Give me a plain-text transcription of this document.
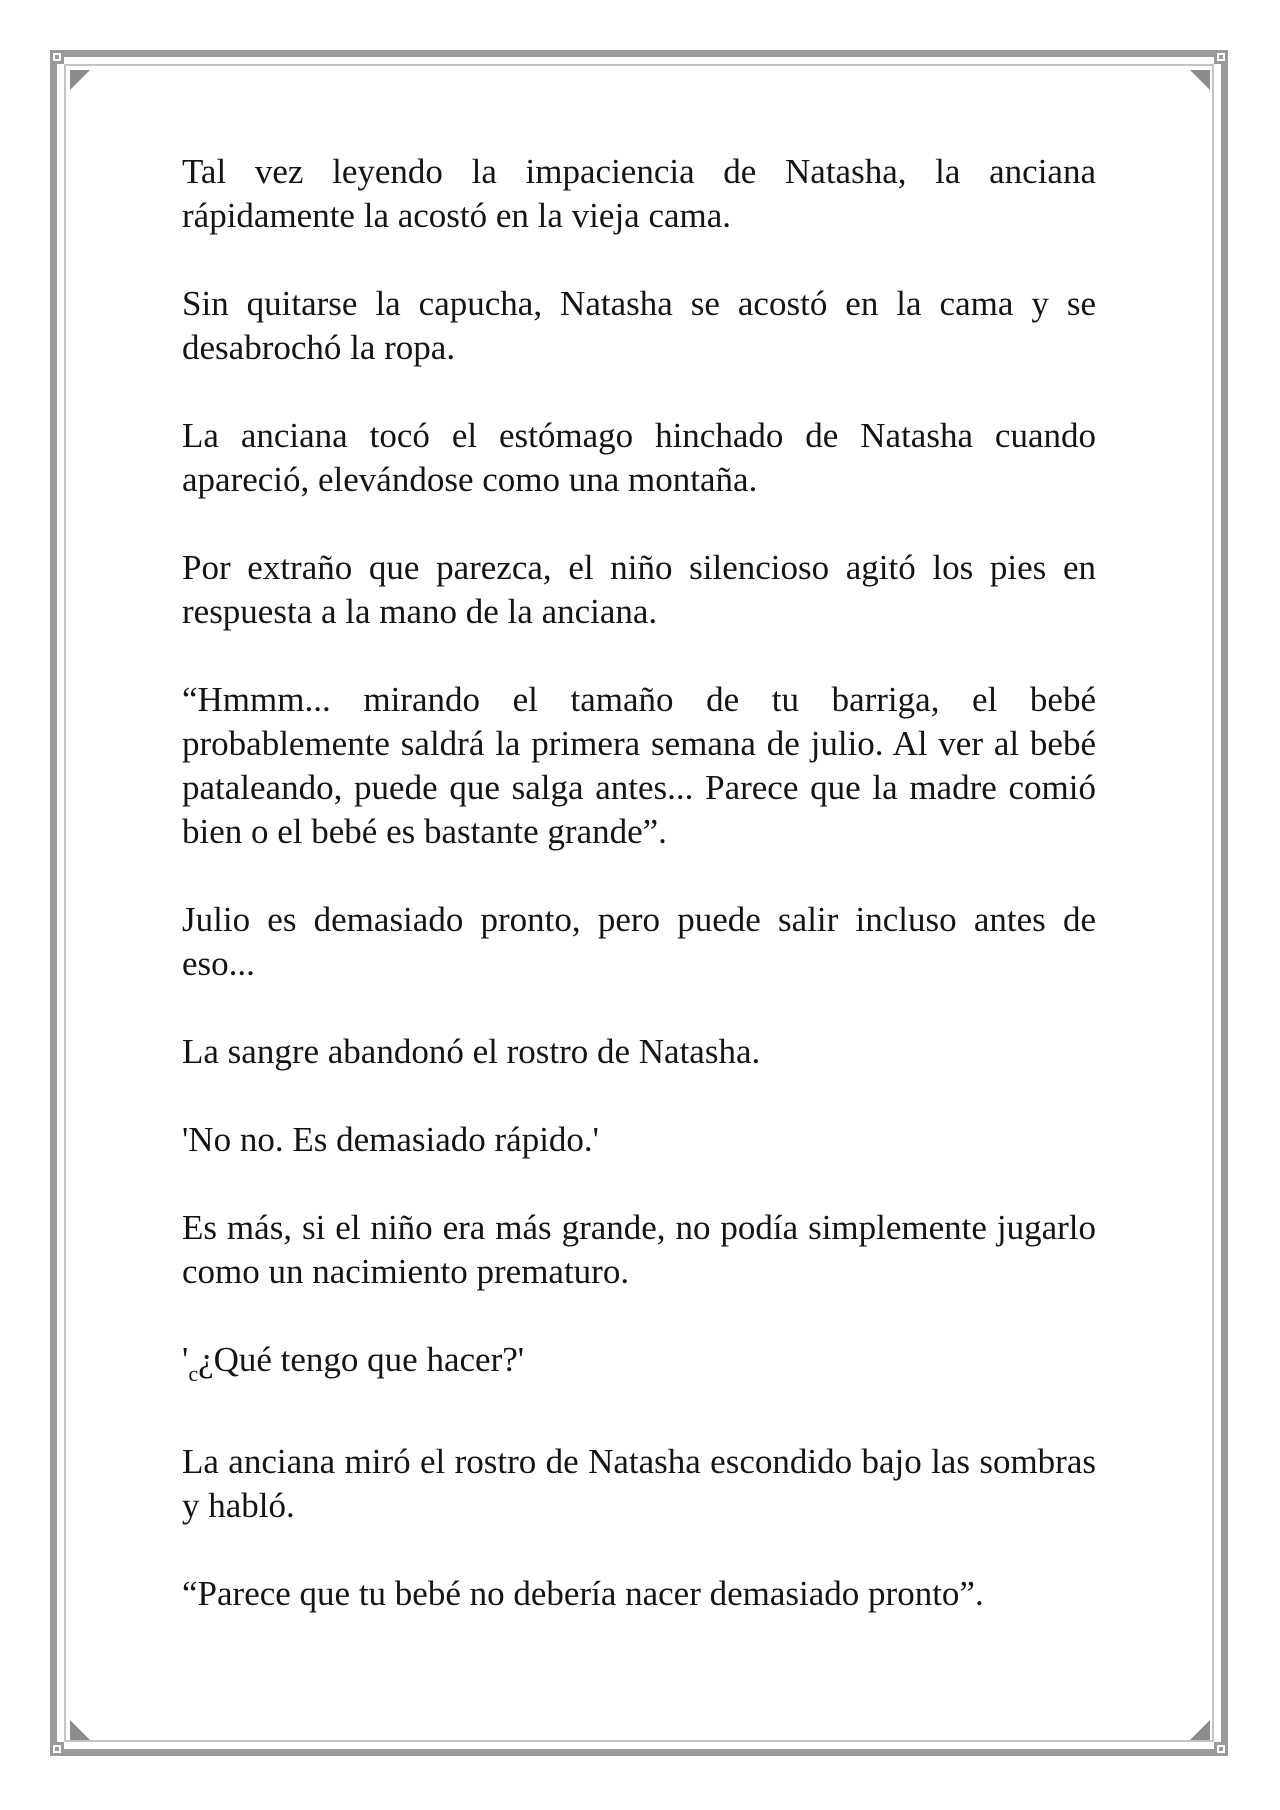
Tal vez leyendo la impaciencia de Natasha, la anciana rápidamente la acostó en la vieja cama.

Sin quitarse la capucha, Natasha se acostó en la cama y se desabrochó la ropa.

La anciana tocó el estómago hinchado de Natasha cuando apareció, elevándose como una montaña.

Por extraño que parezca, el niño silencioso agitó los pies en respuesta a la mano de la anciana.

“Hmmm... mirando el tamaño de tu barriga, el bebé probablemente saldrá la primera semana de julio. Al ver al bebé pataleando, puede que salga antes... Parece que la madre comió bien o el bebé es bastante grande”.

Julio es demasiado pronto, pero puede salir incluso antes de eso...

La sangre abandonó el rostro de Natasha.

'No no. Es demasiado rápido.'

Es más, si el niño era más grande, no podía simplemente jugarlo como un nacimiento prematuro.

'$_c¿Qué$ tengo que hacer?'

La anciana miró el rostro de Natasha escondido bajo las sombras y habló.

“Parece que tu bebé no debería nacer demasiado pronto”.
